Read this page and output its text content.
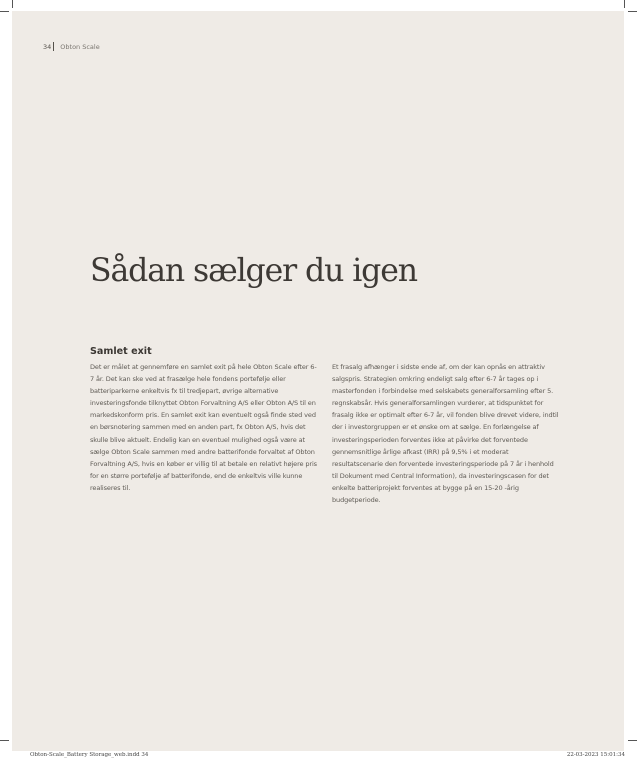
34 Obton Scale
Sådan sælger du igen
Samlet exit

Det er målet at gennemføre en samlet exit på hele Obton Scale efter 6-7 år. Det kan ske ved at frasælge hele fondens portefølje eller batteriparkerne enkeltvis fx til tredjepart, øvrige alternative investeringsfonde tilknyttet Obton Forvaltning A/S eller Obton A/S til en markedskonform pris. En samlet exit kan eventuelt også finde sted ved en børsnotering sammen med en anden part, fx Obton A/S, hvis det skulle blive aktuelt. Endelig kan en eventuel mulighed også være at sælge Obton Scale sammen med andre batterifonde forvaltet af Obton Forvaltning A/S, hvis en køber er villig til at betale en relativt højere pris for en større portefølje af batterifonde, end de enkeltvis ville kunne realiseres til.

Et frasalg afhænger i sidste ende af, om der kan opnås en attraktiv salgspris. Strategien omkring endeligt salg efter 6-7 år tages op i masterfonden i forbindelse med selskabets generalforsamling efter 5. regnskabsår. Hvis generalforsamlingen vurderer, at tidspunktet for frasalg ikke er optimalt efter 6-7 år, vil fonden blive drevet videre, indtil der i investorgruppen er et ønske om at sælge. En forlængelse af investeringsperioden forventes ikke at påvirke det forventede gennemsnitlige årlige afkast (IRR) på 9,5% i et moderat resultatscenarie den forventede investeringsperiode på 7 år i henhold til Dokument med Central Information), da investeringscasen for det enkelte batteriprojekt forventes at bygge på en 15-20 -årig budgetperiode.

Obton-Scale_Battery Storage_web.indd 34	22-03-2023 15:01:34
